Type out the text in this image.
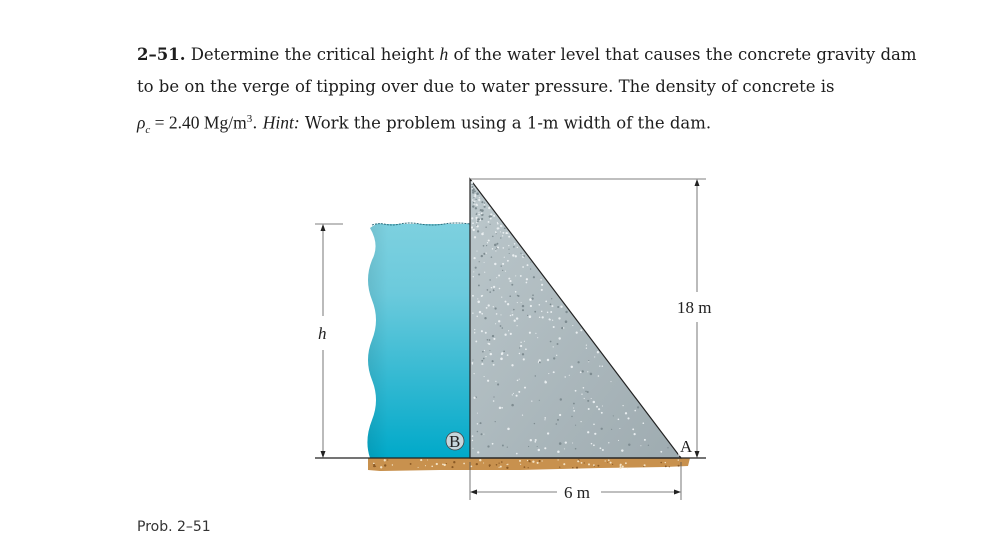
2–51. Determine the critical height h of the water level that causes the concrete gravity dam
to be on the verge of tipping over due to water pressure. The density of concrete is
$\rho_c = 2.40$ $Mg/m^3$. Hint: Work the problem using a 1-m width of the dam.
h
18 m
6 m
B	A
Prob. 2–51
